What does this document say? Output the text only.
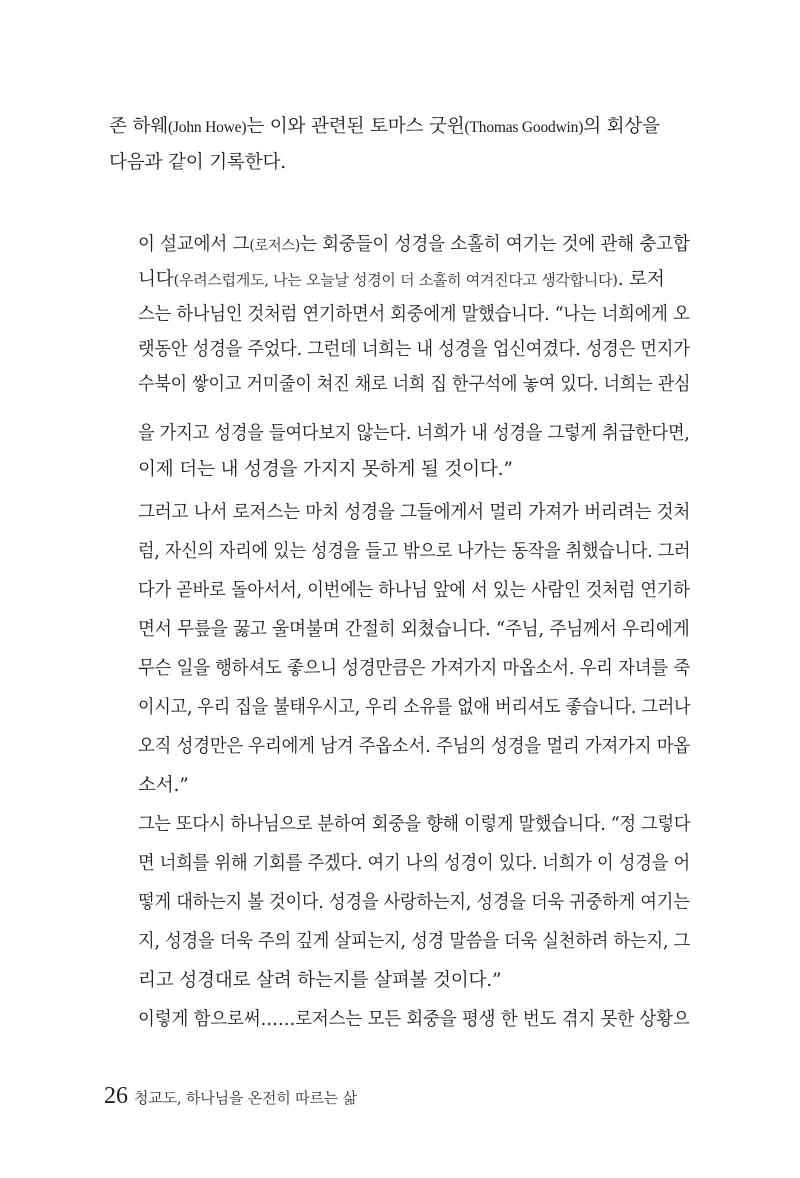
존 하웨(John Howe)는 이와 관련된 토마스 굿윈(Thomas Goodwin)의 회상을
다음과 같이 기록한다.
이 설교에서 그(로저스)는 회중들이 성경을 소홀히 여기는 것에 관해 충고합
니다(우려스럽게도, 나는 오늘날 성경이 더 소홀히 여겨진다고 생각합니다). 로저
스는 하나님인 것처럼 연기하면서 회중에게 말했습니다. “나는 너희에게 오
랫동안 성경을 주었다. 그런데 너희는 내 성경을 업신여겼다. 성경은 먼지가
수북이 쌓이고 거미줄이 쳐진 채로 너희 집 한구석에 놓여 있다. 너희는 관심
을 가지고 성경을 들여다보지 않는다. 너희가 내 성경을 그렇게 취급한다면,
이제 더는 내 성경을 가지지 못하게 될 것이다.”
그러고 나서 로저스는 마치 성경을 그들에게서 멀리 가져가 버리려는 것처
럼, 자신의 자리에 있는 성경을 들고 밖으로 나가는 동작을 취했습니다. 그러
다가 곧바로 돌아서서, 이번에는 하나님 앞에 서 있는 사람인 것처럼 연기하
면서 무릎을 꿇고 울며불며 간절히 외쳤습니다. “주님, 주님께서 우리에게
무슨 일을 행하셔도 좋으니 성경만큼은 가져가지 마옵소서. 우리 자녀를 죽
이시고, 우리 집을 불태우시고, 우리 소유를 없애 버리셔도 좋습니다. 그러나
오직 성경만은 우리에게 남겨 주옵소서. 주님의 성경을 멀리 가져가지 마옵
소서.”
그는 또다시 하나님으로 분하여 회중을 향해 이렇게 말했습니다. “정 그렇다
면 너희를 위해 기회를 주겠다. 여기 나의 성경이 있다. 너희가 이 성경을 어
떻게 대하는지 볼 것이다. 성경을 사랑하는지, 성경을 더욱 귀중하게 여기는
지, 성경을 더욱 주의 깊게 살피는지, 성경 말씀을 더욱 실천하려 하는지, 그
리고 성경대로 살려 하는지를 살펴볼 것이다.”
이렇게 함으로써……로저스는 모든 회중을 평생 한 번도 겪지 못한 상황으
26 청교도, 하나님을 온전히 따르는 삶
